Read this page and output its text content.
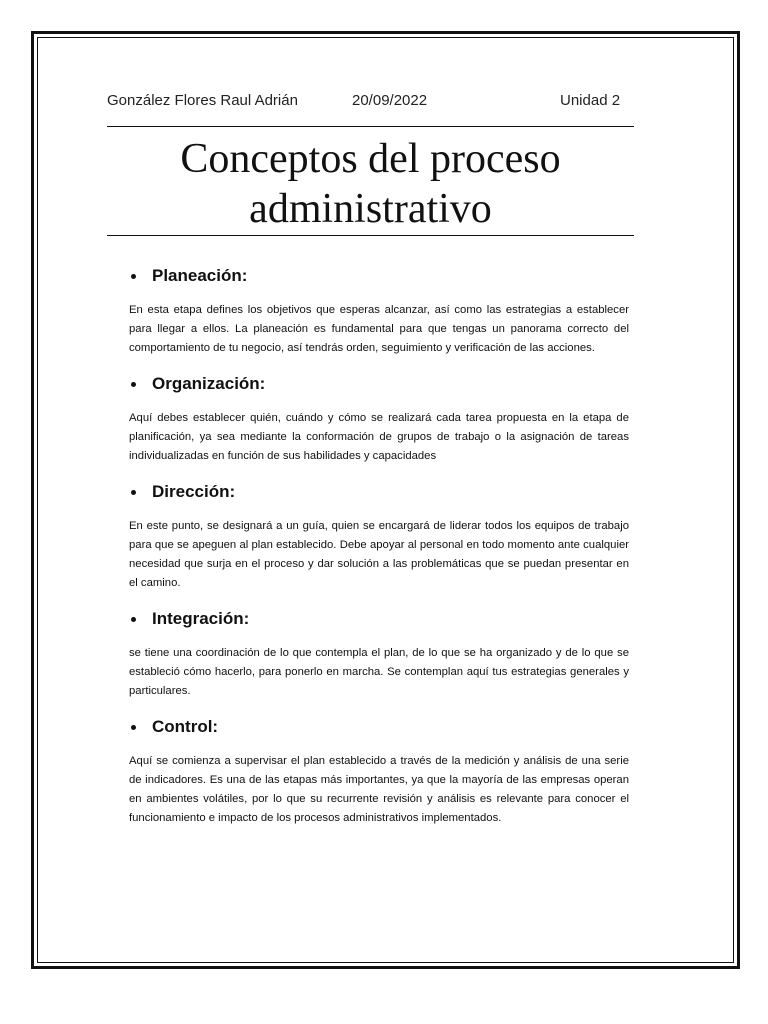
González Flores Raul Adrián	20/09/2022	Unidad 2
Conceptos del proceso
administrativo
Planeación:

En esta etapa defines los objetivos que esperas alcanzar, así como las estrategias a establecer para llegar a ellos. La planeación es fundamental para que tengas un panorama correcto del comportamiento de tu negocio, así tendrás orden, seguimiento y verificación de las acciones.

Organización:

Aquí debes establecer quién, cuándo y cómo se realizará cada tarea propuesta en la etapa de planificación, ya sea mediante la conformación de grupos de trabajo o la asignación de tareas individualizadas en función de sus habilidades y capacidades

Dirección:

En este punto, se designará a un guía, quien se encargará de liderar todos los equipos de trabajo para que se apeguen al plan establecido. Debe apoyar al personal en todo momento ante cualquier necesidad que surja en el proceso y dar solución a las problemáticas que se puedan presentar en el camino.

Integración:

se tiene una coordinación de lo que contempla el plan, de lo que se ha organizado y de lo que se estableció cómo hacerlo, para ponerlo en marcha. Se contemplan aquí tus estrategias generales y particulares.

Control:

Aquí se comienza a supervisar el plan establecido a través de la medición y análisis de una serie de indicadores. Es una de las etapas más importantes, ya que la mayoría de las empresas operan en ambientes volátiles, por lo que su recurrente revisión y análisis es relevante para conocer el funcionamiento e impacto de los procesos administrativos implementados.
